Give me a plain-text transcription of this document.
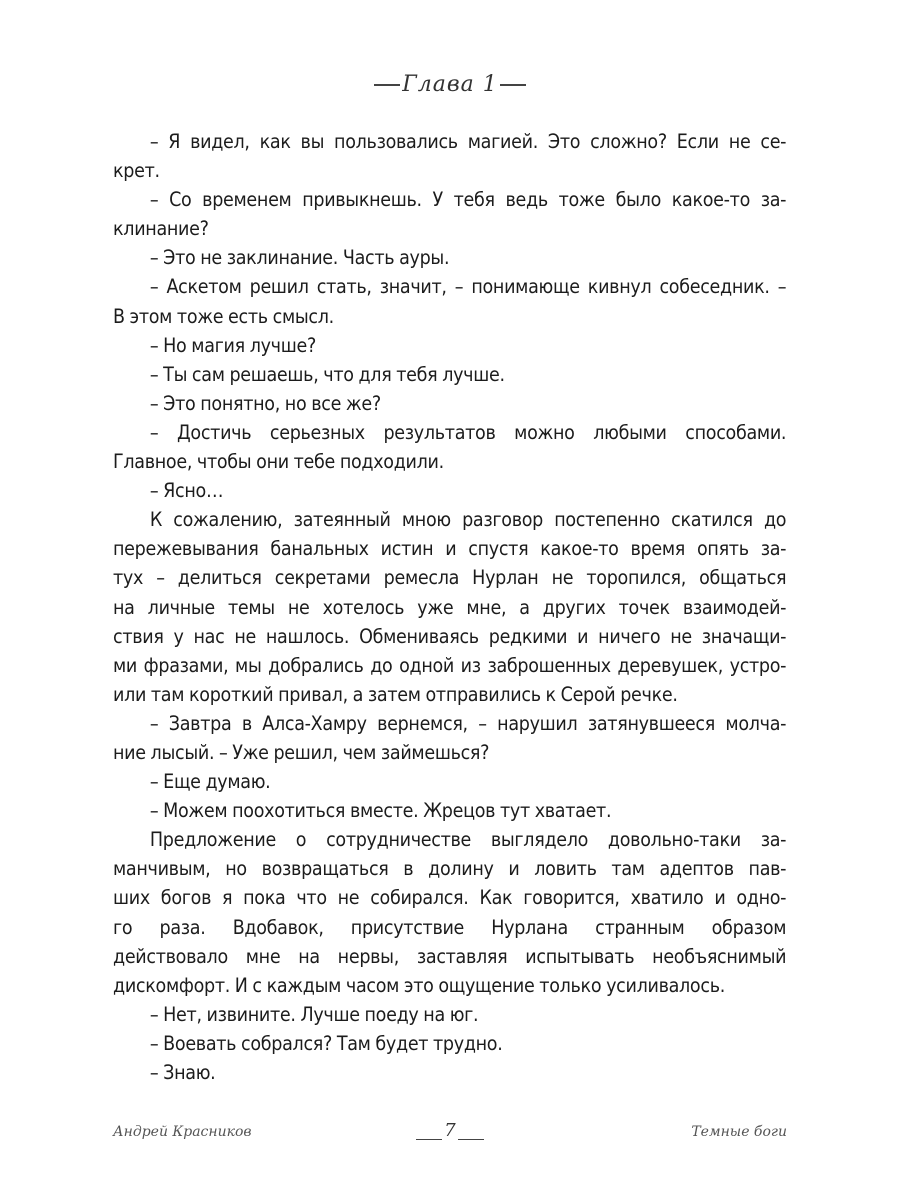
Глава 1
– Я видел, как вы пользовались магией. Это сложно? Если не се-
крет.
– Со временем привыкнешь. У тебя ведь тоже было какое-то за-
клинание?
– Это не заклинание. Часть ауры.
– Аскетом решил стать, значит, – понимающе кивнул собеседник. –
В этом тоже есть смысл.
– Но магия лучше?
– Ты сам решаешь, что для тебя лучше.
– Это понятно, но все же?
– Достичь серьезных результатов можно любыми способами.
Главное, чтобы они тебе подходили.
– Ясно…
К сожалению, затеянный мною разговор постепенно скатился до
пережевывания банальных истин и спустя какое-то время опять за-
тух – делиться секретами ремесла Нурлан не торопился, общаться
на личные темы не хотелось уже мне, а других точек взаимодей-
ствия у нас не нашлось. Обмениваясь редкими и ничего не значащи-
ми фразами, мы добрались до одной из заброшенных деревушек, устро-
или там короткий привал, а затем отправились к Серой речке.
– Завтра в Алса-Хамру вернемся, – нарушил затянувшееся молча-
ние лысый. – Уже решил, чем займешься?
– Еще думаю.
– Можем поохотиться вместе. Жрецов тут хватает.
Предложение о сотрудничестве выглядело довольно-таки за-
манчивым, но возвращаться в долину и ловить там адептов пав-
ших богов я пока что не собирался. Как говорится, хватило и одно-
го раза. Вдобавок, присутствие Нурлана странным образом
действовало мне на нервы, заставляя испытывать необъяснимый
дискомфорт. И с каждым часом это ощущение только усиливалось.
– Нет, извините. Лучше поеду на юг.
– Воевать собрался? Там будет трудно.
– Знаю.
Андрей Красников	7	Темные боги
